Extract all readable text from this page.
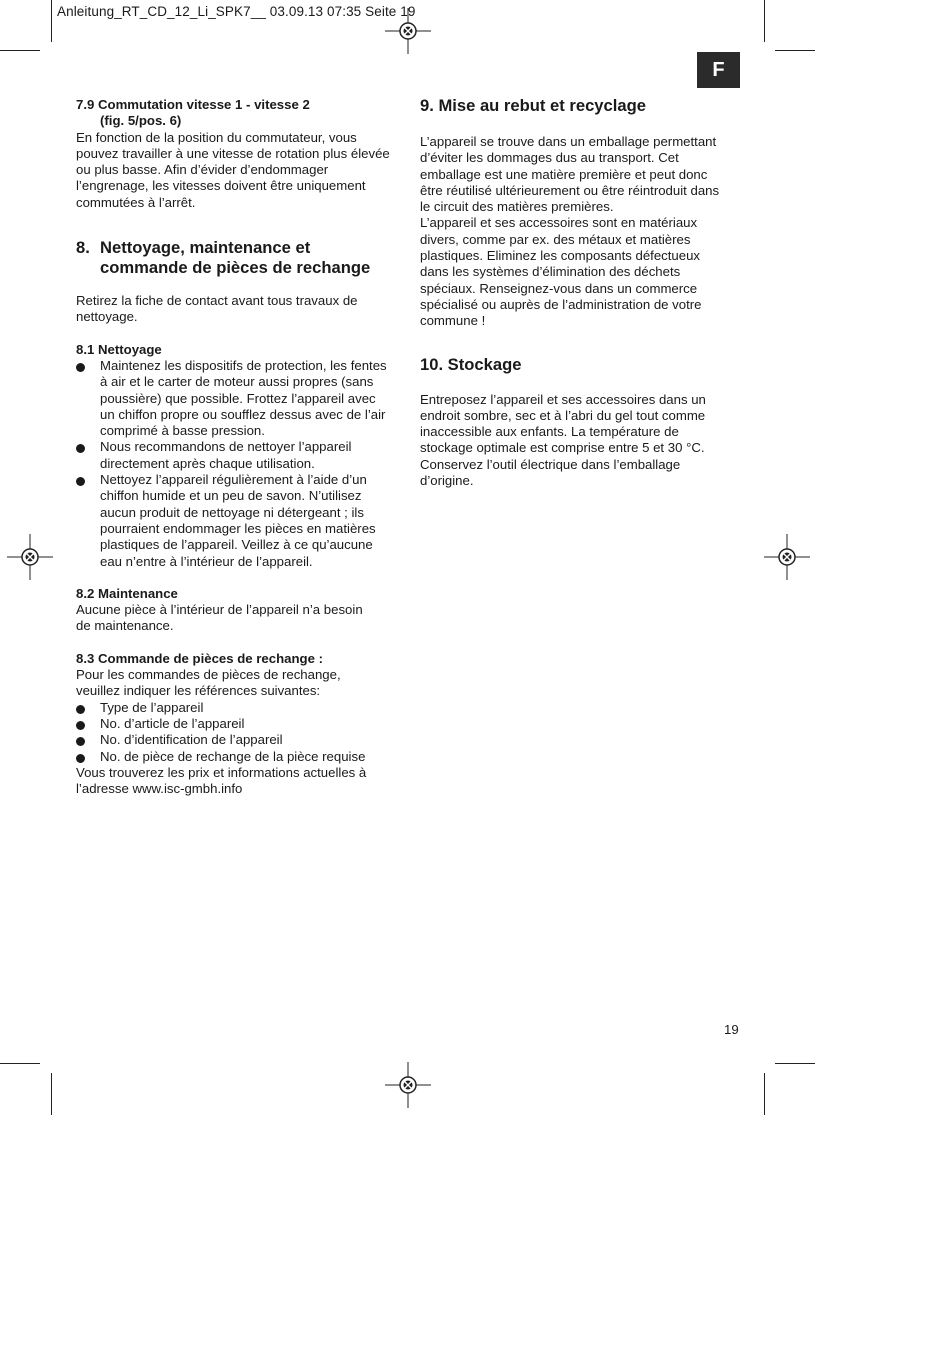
Anleitung_RT_CD_12_Li_SPK7__ 03.09.13 07:35 Seite 19
F

7.9 Commutation vitesse 1 - vitesse 2

(fig. 5/pos. 6)

En fonction de la position du commutateur, vous

pouvez travailler à une vitesse de rotation plus élevée

ou plus basse. Afin d’évider d’endommager

l’engrenage, les vitesses doivent être uniquement

commutées à l’arrêt.

8. Nettoyage, maintenance et
commande de pièces de rechange

Retirez la fiche de contact avant tous travaux de

nettoyage.

8.1 Nettoyage

Maintenez les dispositifs de protection, les fentes

à air et le carter de moteur aussi propres (sans

poussière) que possible. Frottez l’appareil avec

un chiffon propre ou soufflez dessus avec de l’air

comprimé à basse pression.

Nous recommandons de nettoyer l’appareil

directement après chaque utilisation.

Nettoyez l’appareil régulièrement à l’aide d’un

chiffon humide et un peu de savon. N’utilisez

aucun produit de nettoyage ni détergeant ; ils

pourraient endommager les pièces en matières

plastiques de l’appareil. Veillez à ce qu’aucune

eau n’entre à l’intérieur de l’appareil.

8.2 Maintenance

Aucune pièce à l’intérieur de l’appareil n’a besoin

de maintenance.

8.3 Commande de pièces de rechange :

Pour les commandes de pièces de rechange,

veuillez indiquer les références suivantes:

Type de l’appareil

No. d’article de l’appareil

No. d’identification de l’appareil

No. de pièce de rechange de la pièce requise

Vous trouverez les prix et informations actuelles à

l’adresse www.isc-gmbh.info

9. Mise au rebut et recyclage

L’appareil se trouve dans un emballage permettant

d’éviter les dommages dus au transport. Cet

emballage est une matière première et peut donc

être réutilisé ultérieurement ou être réintroduit dans

le circuit des matières premières.

L’appareil et ses accessoires sont en matériaux

divers, comme par ex. des métaux et matières

plastiques. Eliminez les composants défectueux

dans les systèmes d’élimination des déchets

spéciaux. Renseignez-vous dans un commerce

spécialisé ou auprès de l’administration de votre

commune !

10. Stockage

Entreposez l’appareil et ses accessoires dans un

endroit sombre, sec et à l’abri du gel tout comme

inaccessible aux enfants. La température de

stockage optimale est comprise entre 5 et 30 °C.

Conservez l’outil électrique dans l’emballage

d’origine.

19
